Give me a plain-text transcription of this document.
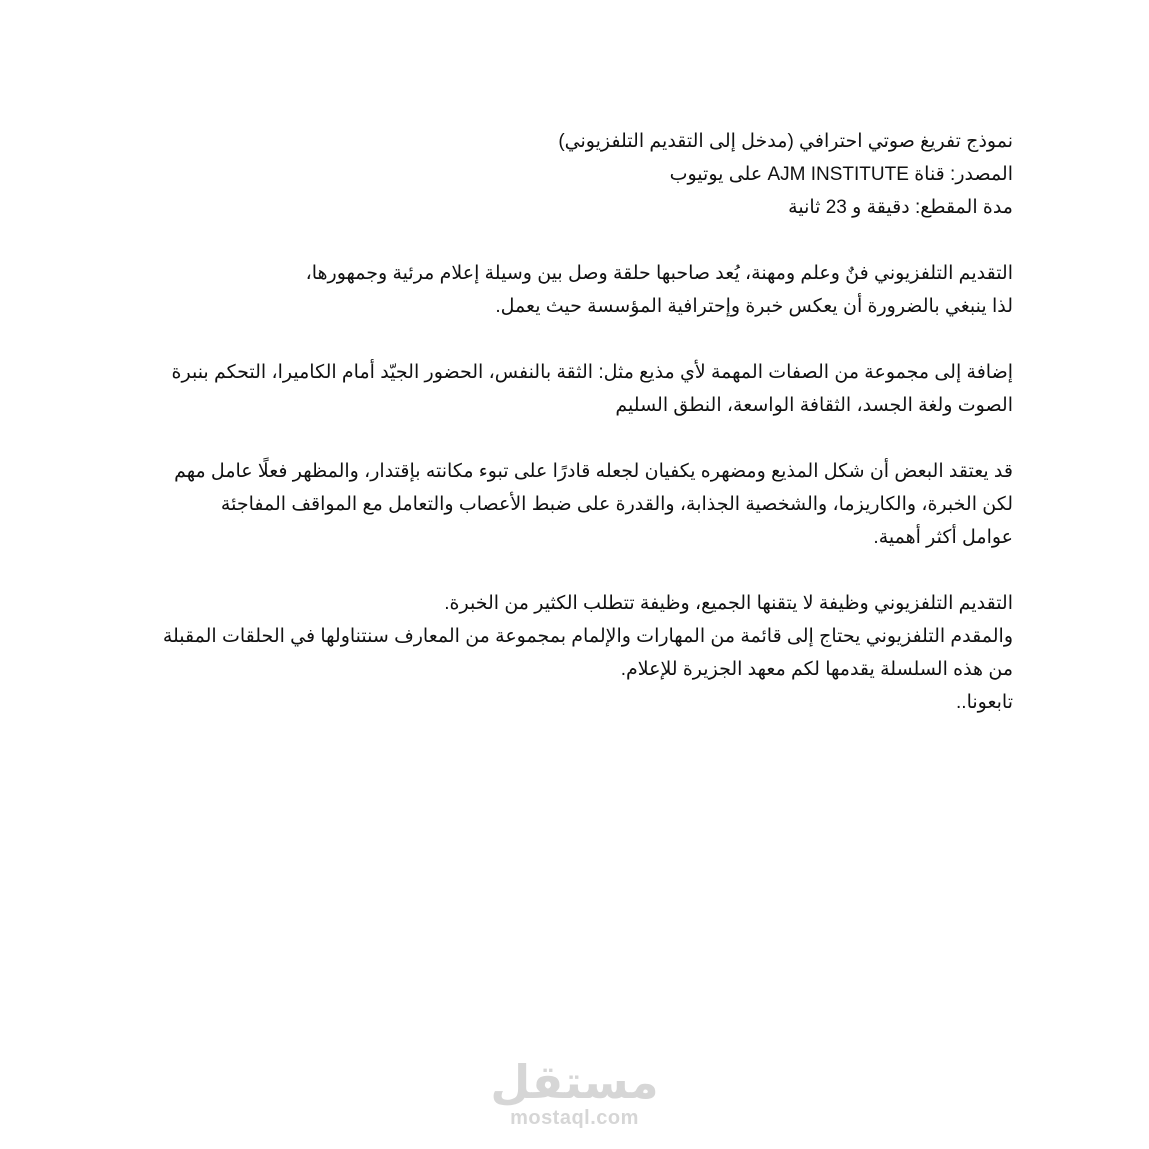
نموذج تفريغ صوتي احترافي (مدخل إلى التقديم التلفزيوني)
المصدر: قناة AJM INSTITUTE على يوتيوب
مدة المقطع: دقيقة و 23 ثانية
التقديم التلفزيوني فنٌ وعلم ومهنة، يُعد صاحبها حلقة وصل بين وسيلة إعلام مرئية وجمهورها،
لذا ينبغي بالضرورة أن يعكس خبرة وإحترافية المؤسسة حيث يعمل.
إضافة إلى مجموعة من الصفات المهمة لأي مذيع مثل: الثقة بالنفس، الحضور الجيّد أمام الكاميرا، التحكم بنبرة
الصوت ولغة الجسد، الثقافة الواسعة، النطق السليم
قد يعتقد البعض أن شكل المذيع ومضهره يكفيان لجعله قادرًا على تبوء مكانته بإقتدار، والمظهر فعلًا عامل مهم
لكن الخبرة، والكاريزما، والشخصية الجذابة، والقدرة على ضبط الأعصاب والتعامل مع المواقف المفاجئة
عوامل أكثر أهمية.
التقديم التلفزيوني وظيفة لا يتقنها الجميع، وظيفة تتطلب الكثير من الخبرة.
والمقدم التلفزيوني يحتاج إلى قائمة من المهارات والإلمام بمجموعة من المعارف سنتناولها في الحلقات المقبلة
من هذه السلسلة يقدمها لكم معهد الجزيرة للإعلام.
تابعونا..
مستقل
mostaql.com
